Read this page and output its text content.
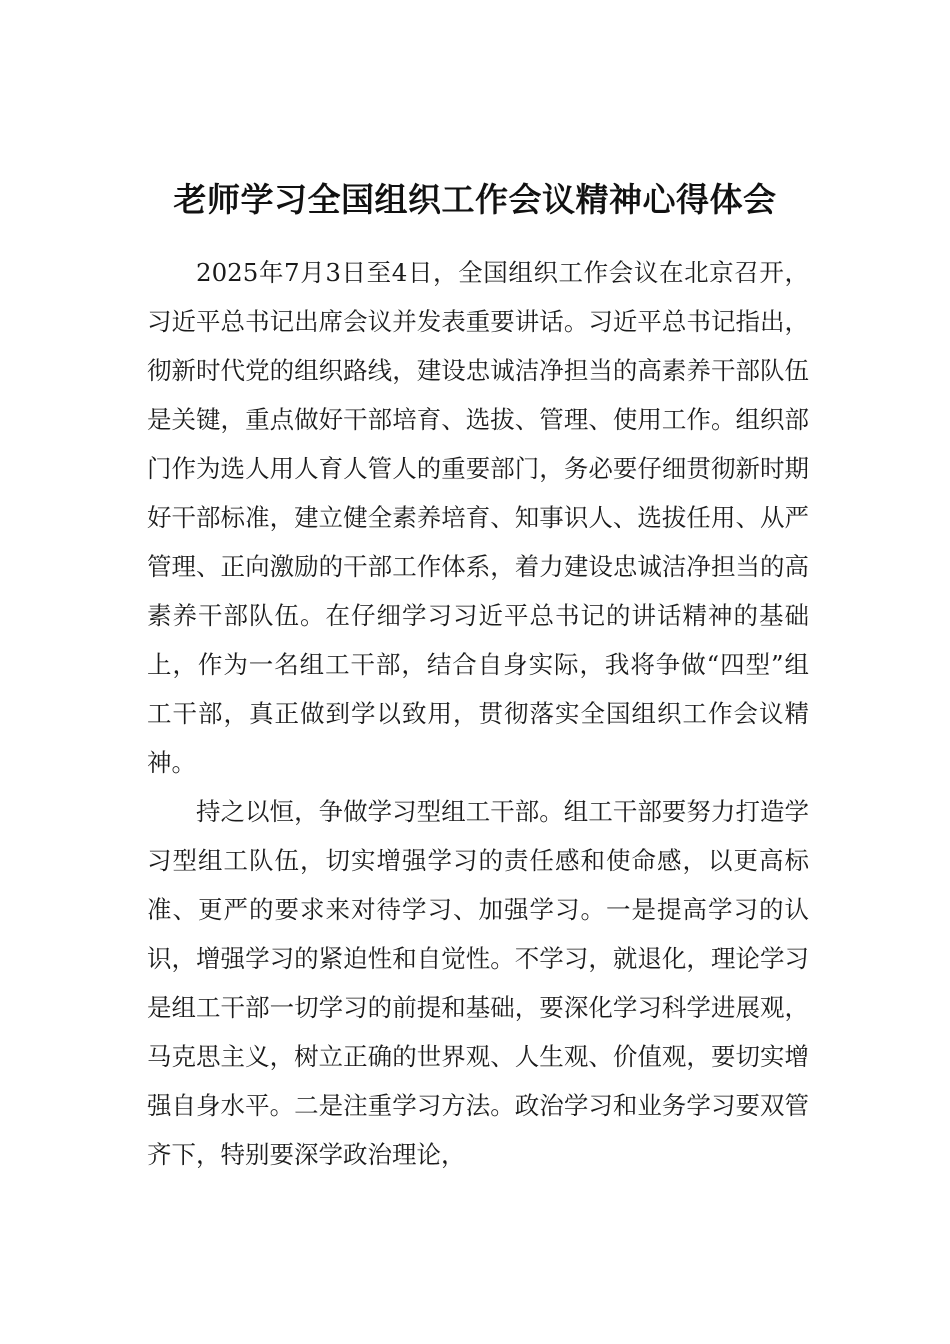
老师学习全国组织工作会议精神心得体会

2025年7月3日至4日，全国组织工作会议在北京召开，习近平总书记出席会议并发表重要讲话。习近平总书记指出，彻新时代党的组织路线，建设忠诚洁净担当的高素养干部队伍是关键，重点做好干部培育、选拔、管理、使用工作。组织部门作为选人用人育人管人的重要部门，务必要仔细贯彻新时期好干部标准，建立健全素养培育、知事识人、选拔任用、从严管理、正向激励的干部工作体系，着力建设忠诚洁净担当的高素养干部队伍。在仔细学习习近平总书记的讲话精神的基础上，作为一名组工干部，结合自身实际，我将争做“四型”组工干部，真正做到学以致用，贯彻落实全国组织工作会议精神。

持之以恒，争做学习型组工干部。组工干部要努力打造学习型组工队伍，切实增强学习的责任感和使命感，以更高标准、更严的要求来对待学习、加强学习。一是提高学习的认识，增强学习的紧迫性和自觉性。不学习，就退化，理论学习是组工干部一切学习的前提和基础，要深化学习科学进展观，马克思主义，树立正确的世界观、人生观、价值观，要切实增强自身水平。二是注重学习方法。政治学习和业务学习要双管齐下，特别要深学政治理论，
